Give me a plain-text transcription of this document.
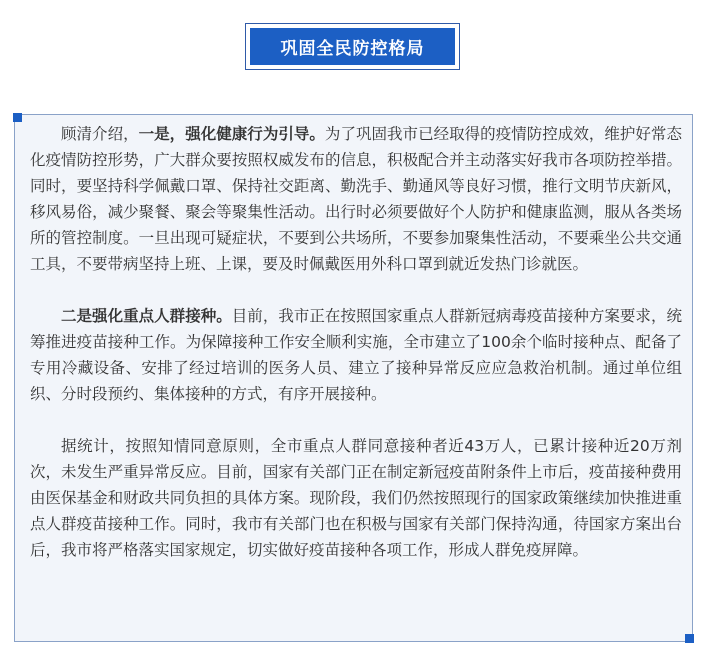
巩固全民防控格局

顾清介绍，一是，强化健康行为引导。为了巩固我市已经取得的疫情防控成效，维护好常态化疫情防控形势，广大群众要按照权威发布的信息，积极配合并主动落实好我市各项防控举措。同时，要坚持科学佩戴口罩、保持社交距离、勤洗手、勤通风等良好习惯，推行文明节庆新风，移风易俗，减少聚餐、聚会等聚集性活动。出行时必须要做好个人防护和健康监测，服从各类场所的管控制度。一旦出现可疑症状，不要到公共场所，不要参加聚集性活动，不要乘坐公共交通工具，不要带病坚持上班、上课，要及时佩戴医用外科口罩到就近发热门诊就医。

二是强化重点人群接种。目前，我市正在按照国家重点人群新冠病毒疫苗接种方案要求，统筹推进疫苗接种工作。为保障接种工作安全顺利实施，全市建立了100余个临时接种点、配备了专用冷藏设备、安排了经过培训的医务人员、建立了接种异常反应应急救治机制。通过单位组织、分时段预约、集体接种的方式，有序开展接种。

据统计，按照知情同意原则，全市重点人群同意接种者近43万人，已累计接种近20万剂次，未发生严重异常反应。目前，国家有关部门正在制定新冠疫苗附条件上市后，疫苗接种费用由医保基金和财政共同负担的具体方案。现阶段，我们仍然按照现行的国家政策继续加快推进重点人群疫苗接种工作。同时，我市有关部门也在积极与国家有关部门保持沟通，待国家方案出台后，我市将严格落实国家规定，切实做好疫苗接种各项工作，形成人群免疫屏障。
